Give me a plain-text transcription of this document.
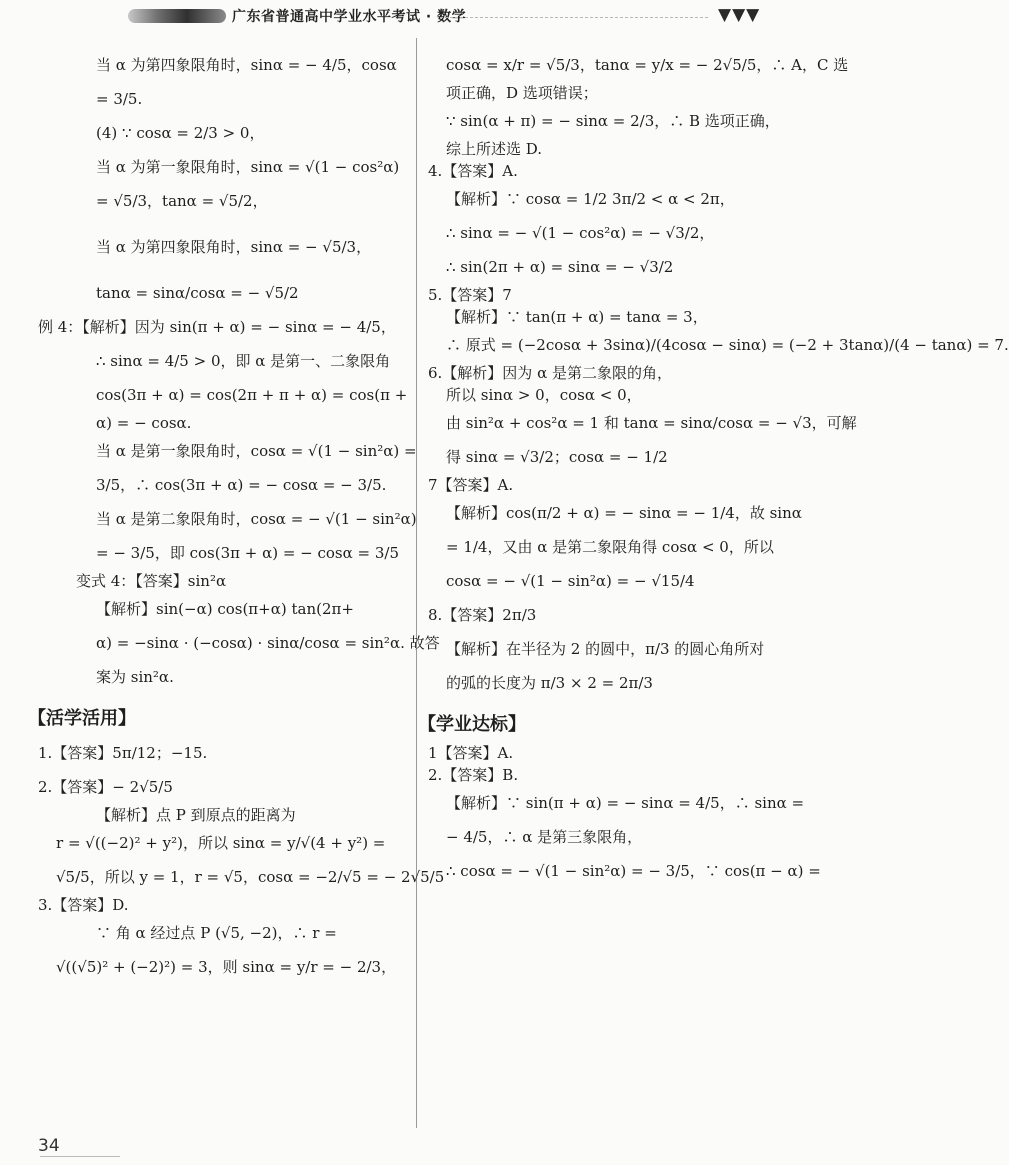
广东省普通高中学业水平考试 · 数学	▼▼▼
当 α 为第四象限角时，sinα = − 4/5，cosα
= 3/5.
(4) ∵ cosα = 2/3 > 0，
当 α 为第一象限角时，sinα = √(1 − cos²α)
= √5/3，tanα = √5/2，
当 α 为第四象限角时，sinα = − √5/3，
tanα = sinα/cosα = − √5/2
例 4：【解析】因为 sin(π + α) = − sinα = − 4/5，
∴ sinα = 4/5 > 0，即 α 是第一、二象限角
cos(3π + α) = cos(2π + π + α) = cos(π +
α) = − cosα.
当 α 是第一象限角时，cosα = √(1 − sin²α) =
3/5，∴ cos(3π + α) = − cosα = − 3/5.
当 α 是第二象限角时，cosα = − √(1 − sin²α)
= − 3/5，即 cos(3π + α) = − cosα = 3/5
变式 4：【答案】sin²α
【解析】sin(−α) cos(π+α) tan(2π+
α) = −sinα · (−cosα) · sinα/cosα = sin²α. 故答
案为 sin²α.
【活学活用】
1.【答案】5π/12；−15.
2.【答案】− 2√5/5
【解析】点 P 到原点的距离为
r = √((−2)² + y²)，所以 sinα = y/√(4 + y²) =
√5/5，所以 y = 1，r = √5，cosα = −2/√5 = − 2√5/5
3.【答案】D.
∵ 角 α 经过点 P (√5, −2)，∴ r =
√((√5)² + (−2)²) = 3，则 sinα = y/r = − 2/3，
cosα = x/r = √5/3，tanα = y/x = − 2√5/5，∴ A，C 选
项正确，D 选项错误；
∵ sin(α + π) = − sinα = 2/3，∴ B 选项正确，
综上所述选 D.
4.【答案】A.
【解析】∵ cosα = 1/2 3π/2 < α < 2π，
∴ sinα = − √(1 − cos²α) = − √3/2，
∴ sin(2π + α) = sinα = − √3/2
5.【答案】7
【解析】∵ tan(π + α) = tanα = 3，
∴ 原式 = (−2cosα + 3sinα)/(4cosα − sinα) = (−2 + 3tanα)/(4 − tanα) = 7.
6.【解析】因为 α 是第二象限的角，
所以 sinα > 0，cosα < 0，
由 sin²α + cos²α = 1 和 tanα = sinα/cosα = − √3，可解
得 sinα = √3/2；cosα = − 1/2
7【答案】A.
【解析】cos(π/2 + α) = − sinα = − 1/4，故 sinα
= 1/4，又由 α 是第二象限角得 cosα < 0，所以
cosα = − √(1 − sin²α) = − √15/4
8.【答案】2π/3
【解析】在半径为 2 的圆中，π/3 的圆心角所对
的弧的长度为 π/3 × 2 = 2π/3
【学业达标】
1【答案】A.
2.【答案】B.
【解析】∵ sin(π + α) = − sinα = 4/5，∴ sinα =
− 4/5，∴ α 是第三象限角，
∴ cosα = − √(1 − sin²α) = − 3/5，∵ cos(π − α) =
34
